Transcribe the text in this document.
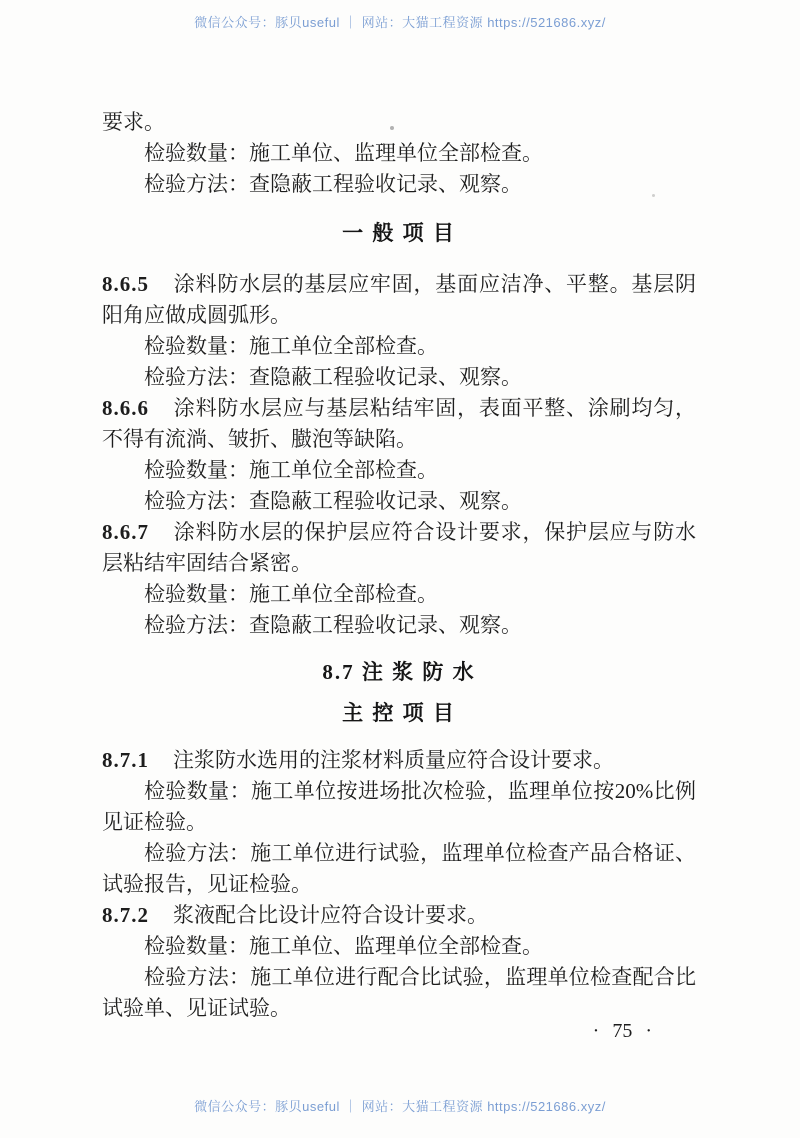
微信公众号：豚贝useful ｜ 网站：大猫工程资源 https://521686.xyz/
要求。
检验数量：施工单位、监理单位全部检查。
检验方法：查隐蔽工程验收记录、观察。
一 般 项 目
8.6.5 涂料防水层的基层应牢固，基面应洁净、平整。基层阴
阳角应做成圆弧形。
检验数量：施工单位全部检查。
检验方法：查隐蔽工程验收记录、观察。
8.6.6 涂料防水层应与基层粘结牢固，表面平整、涂刷均匀，
不得有流淌、皱折、臌泡等缺陷。
检验数量：施工单位全部检查。
检验方法：查隐蔽工程验收记录、观察。
8.6.7 涂料防水层的保护层应符合设计要求，保护层应与防水
层粘结牢固结合紧密。
检验数量：施工单位全部检查。
检验方法：查隐蔽工程验收记录、观察。
8.7 注 浆 防 水
主 控 项 目
8.7.1 注浆防水选用的注浆材料质量应符合设计要求。
检验数量：施工单位按进场批次检验，监理单位按20%比例
见证检验。
检验方法：施工单位进行试验，监理单位检查产品合格证、
试验报告，见证检验。
8.7.2 浆液配合比设计应符合设计要求。
检验数量：施工单位、监理单位全部检查。
检验方法：施工单位进行配合比试验，监理单位检查配合比
试验单、见证试验。
· 75 ·
微信公众号：豚贝useful ｜ 网站：大猫工程资源 https://521686.xyz/
